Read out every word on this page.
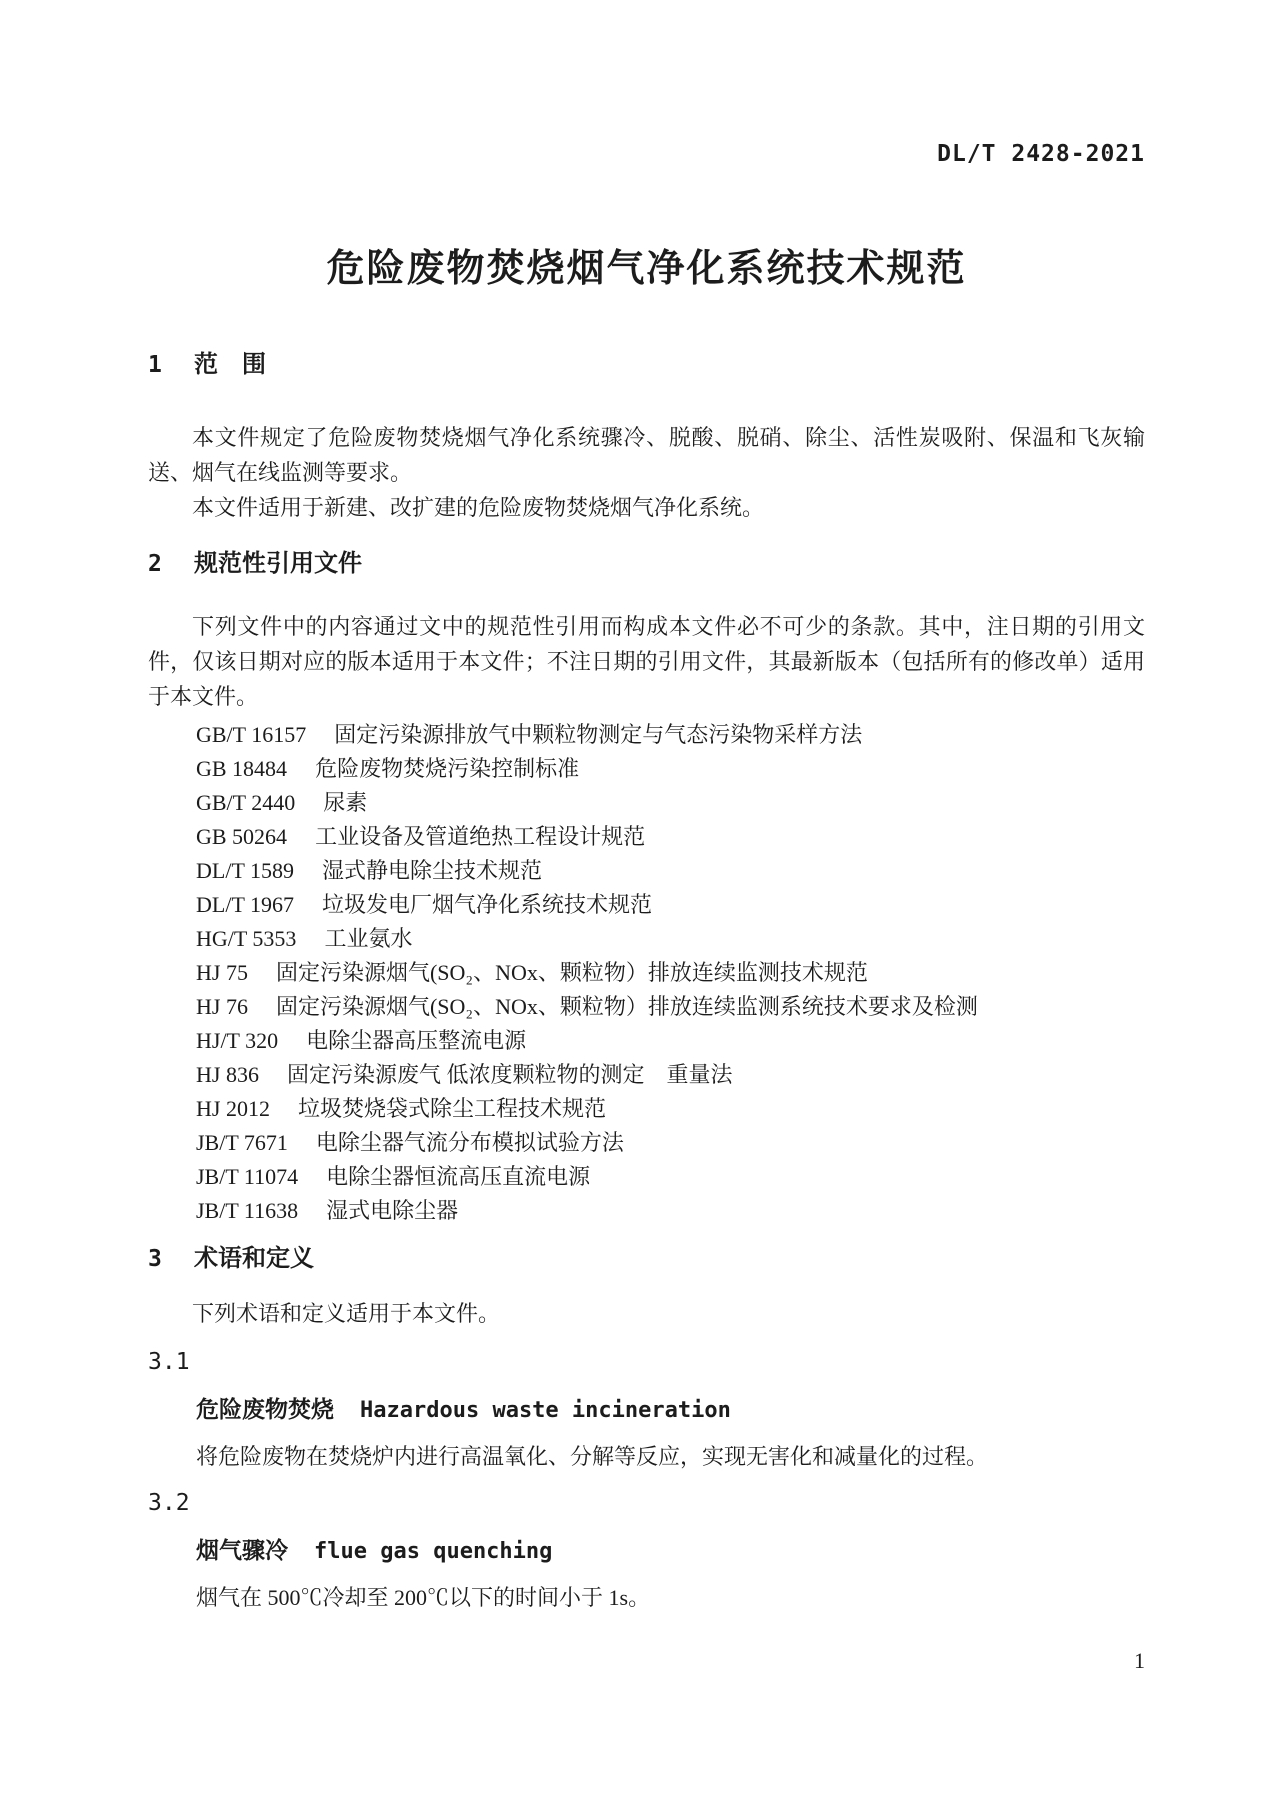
DL/T 2428-2021
危险废物焚烧烟气净化系统技术规范
1 范　围

本文件规定了危险废物焚烧烟气净化系统骤冷、脱酸、脱硝、除尘、活性炭吸附、保温和飞灰输送、烟气在线监测等要求。

本文件适用于新建、改扩建的危险废物焚烧烟气净化系统。

2 规范性引用文件

下列文件中的内容通过文中的规范性引用而构成本文件必不可少的条款。其中，注日期的引用文件，仅该日期对应的版本适用于本文件；不注日期的引用文件，其最新版本（包括所有的修改单）适用于本文件。

GB/T 16157 固定污染源排放气中颗粒物测定与气态污染物采样方法
GB 18484 危险废物焚烧污染控制标准
GB/T 2440 尿素
GB 50264 工业设备及管道绝热工程设计规范
DL/T 1589 湿式静电除尘技术规范
DL/T 1967 垃圾发电厂烟气净化系统技术规范
HG/T 5353 工业氨水
HJ 75 固定污染源烟气(SO₂、NOx、颗粒物）排放连续监测技术规范
HJ 76 固定污染源烟气(SO₂、NOx、颗粒物）排放连续监测系统技术要求及检测
HJ/T 320 电除尘器高压整流电源
HJ 836 固定污染源废气 低浓度颗粒物的测定　重量法
HJ 2012 垃圾焚烧袋式除尘工程技术规范
JB/T 7671 电除尘器气流分布模拟试验方法
JB/T 11074 电除尘器恒流高压直流电源
JB/T 11638 湿式电除尘器
3 术语和定义

下列术语和定义适用于本文件。

3.1
危险废物焚烧 Hazardous waste incineration
将危险废物在焚烧炉内进行高温氧化、分解等反应，实现无害化和减量化的过程。
3.2
烟气骤冷 flue gas quenching
烟气在 500℃冷却至 200℃以下的时间小于 1s。
1
